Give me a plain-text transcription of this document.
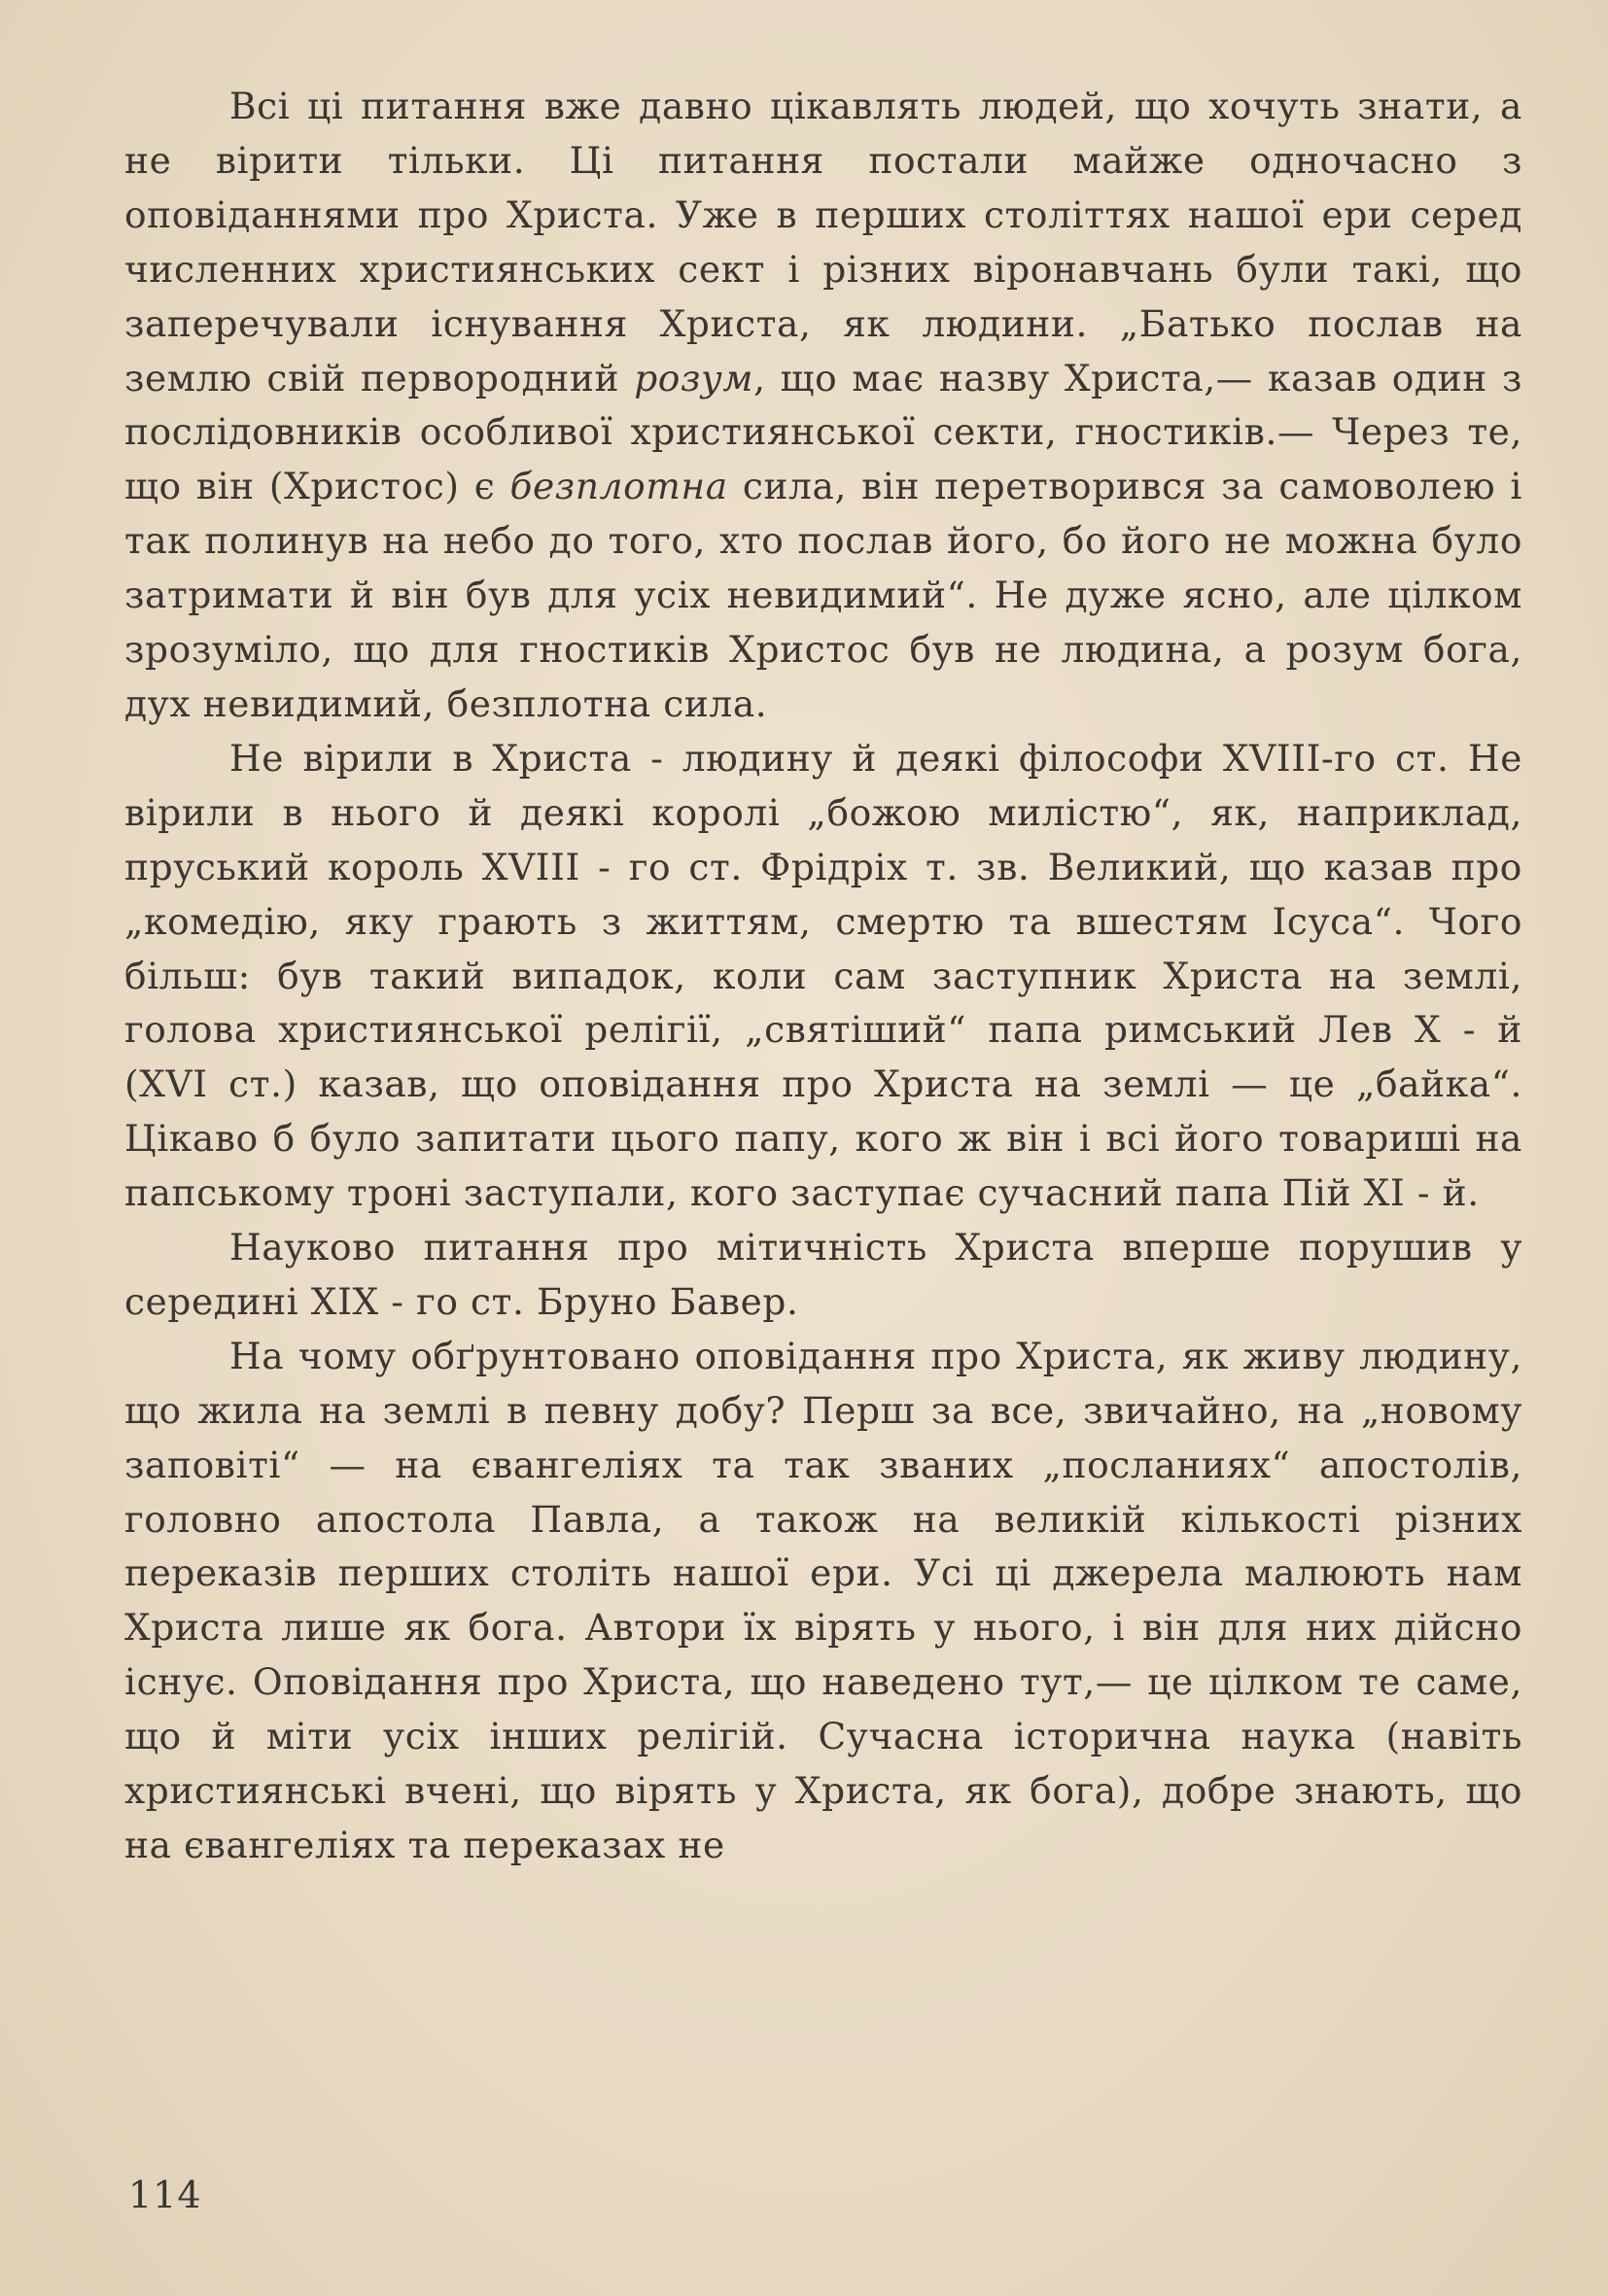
Всі ці питання вже давно цікавлять людей, що хочуть знати, а не вірити тільки. Ці питання постали майже одночасно з оповіданнями про Христа. Уже в перших століттях нашої ери серед численних християнських сект і різних віронавчань були такі, що заперечували існування Христа, як людини. „Батько послав на землю свій первородний розум, що має назву Христа,— казав один з послідовників особливої християнської секти, гностиків.— Через те, що він (Христос) є безплотна сила, він перетворився за самоволею і так полинув на небо до того, хто послав його, бо його не можна було затримати й він був для усіх невидимий“. Не дуже ясно, але цілком зрозуміло, що для гностиків Христос був не людина, а розум бога, дух невидимий, безплотна сила.

Не вірили в Христа - людину й деякі філософи XVIII-го ст. Не вірили в нього й деякі королі „божою милістю“, як, наприклад, пруський король XVIII - го ст. Фрідріх т. зв. Великий, що казав про „комедію, яку грають з життям, смертю та вшестям Ісуса“. Чого більш: був такий випадок, коли сам заступник Христа на землі, голова християнської релігії, „святіший“ папа римський Лев X - й (XVI ст.) казав, що оповідання про Христа на землі — це „байка“. Цікаво б було запитати цього папу, кого ж він і всі його товариші на папському троні заступали, кого заступає сучасний папа Пій XI - й.

Науково питання про мітичність Христа вперше порушив у середині XIX - го ст. Бруно Бавер.

На чому обґрунтовано оповідання про Христа, як живу людину, що жила на землі в певну добу? Перш за все, звичайно, на „новому заповіті“ — на євангеліях та так званих „посланиях“ апостолів, головно апостола Павла, а також на великій кількості різних переказів перших століть нашої ери. Усі ці джерела малюють нам Христа лише як бога. Автори їх вірять у нього, і він для них дійсно існує. Оповідання про Христа, що наведено тут,— це цілком те саме, що й міти усіх інших релігій. Сучасна історична наука (навіть християнські вчені, що вірять у Христа, як бога), добре знають, що на євангеліях та переказах не

114
